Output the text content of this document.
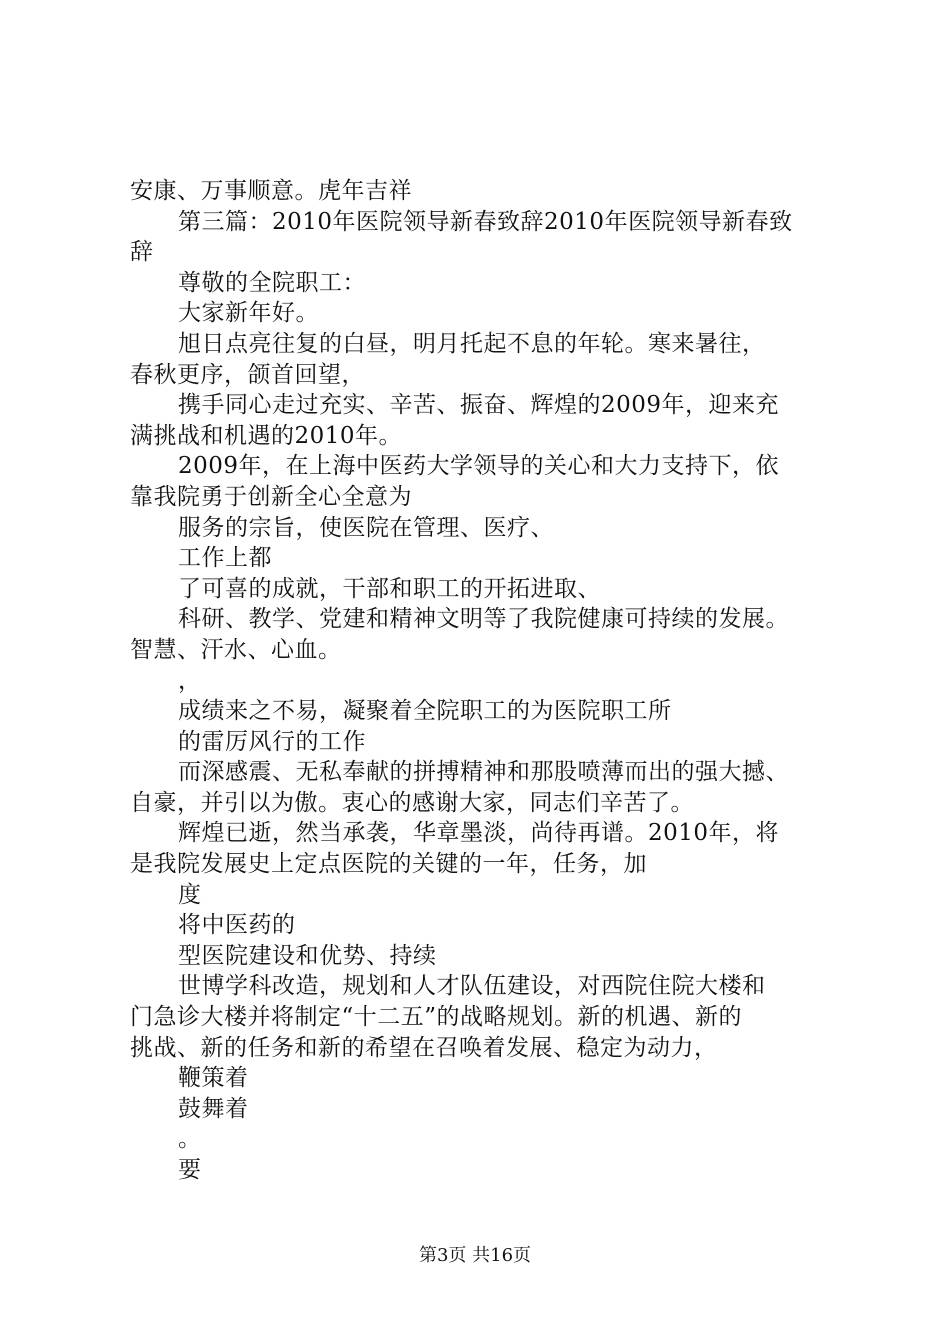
安康、万事顺意。虎年吉祥
第三篇：2010年医院领导新春致辞2010年医院领导新春致
辞
尊敬的全院职工：
大家新年好。
旭日点亮往复的白昼，明月托起不息的年轮。寒来暑往，
春秋更序，颌首回望，
携手同心走过充实、辛苦、振奋、辉煌的2009年，迎来充
满挑战和机遇的2010年。
2009年，在上海中医药大学领导的关心和大力支持下，依
靠我院勇于创新全心全意为
服务的宗旨，使医院在管理、医疗、
工作上都
了可喜的成就，干部和职工的开拓进取、
科研、教学、党建和精神文明等了我院健康可持续的发展。
智慧、汗水、心血。
，
成绩来之不易，凝聚着全院职工的为医院职工所
的雷厉风行的工作
而深感震、无私奉献的拼搏精神和那股喷薄而出的强大撼、
自豪，并引以为傲。衷心的感谢大家，同志们辛苦了。
辉煌已逝，然当承袭，华章墨淡，尚待再谱。2010年，将
是我院发展史上定点医院的关键的一年，任务，加
度
将中医药的
型医院建设和优势、持续
世博学科改造，规划和人才队伍建设，对西院住院大楼和
门急诊大楼并将制定“十二五”的战略规划。新的机遇、新的
挑战、新的任务和新的希望在召唤着发展、稳定为动力，
鞭策着
鼓舞着
。
要
第3页 共16页
